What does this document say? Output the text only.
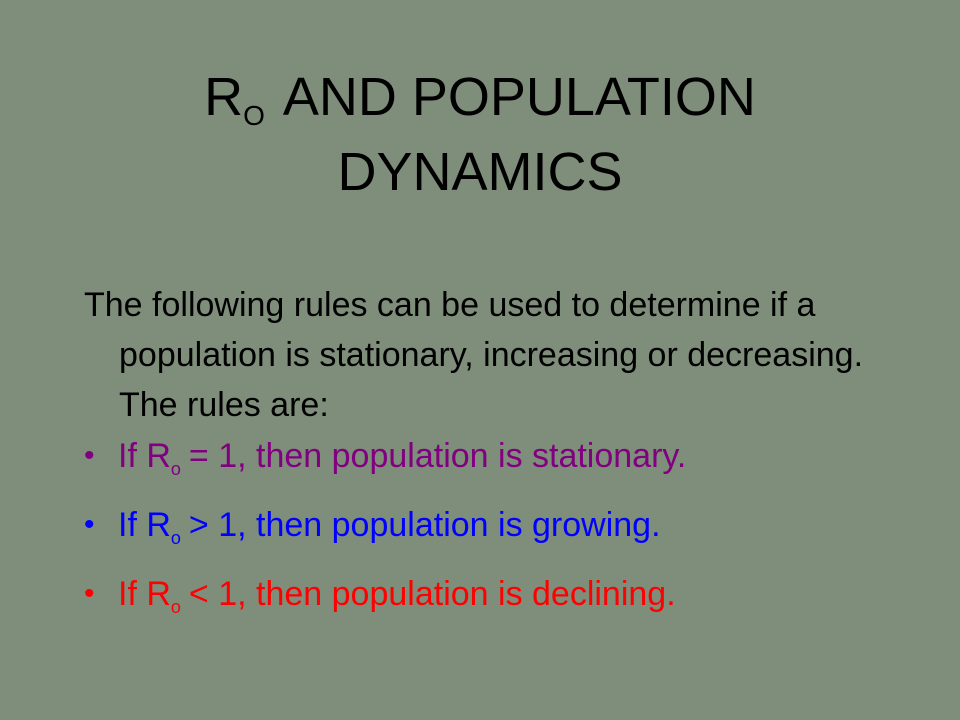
RO AND POPULATION DYNAMICS

The following rules can be used to determine if a population is stationary, increasing or decreasing. The rules are:

• If $R_o = 1$, then population is stationary.
• If $R_o > 1$, then population is growing.
• If $R_o < 1$, then population is declining.
